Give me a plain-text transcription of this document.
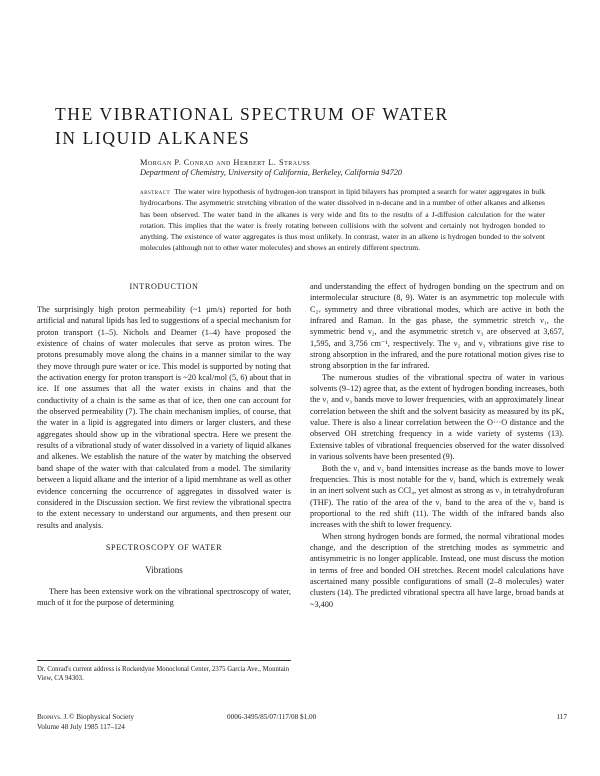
THE VIBRATIONAL SPECTRUM OF WATER
IN LIQUID ALKANES
Morgan P. Conrad and Herbert L. Strauss
Department of Chemistry, University of California, Berkeley, California 94720

abstract The water wire hypothesis of hydrogen-ion transport in lipid bilayers has prompted a search for water aggregates in bulk hydrocarbons. The asymmetric stretching vibration of the water dissolved in n-decane and in a number of other alkanes and alkenes has been observed. The water band in the alkanes is very wide and fits to the results of a J-diffusion calculation for the water rotation. This implies that the water is freely rotating between collisions with the solvent and certainly not hydrogen bonded to anything. The existence of water aggregates is thus most unlikely. In contrast, water in an alkene is hydrogen bonded to the solvent molecules (although not to other water molecules) and shows an entirely different spectrum.

INTRODUCTION

The surprisingly high proton permeability (~1 μm/s) reported for both artificial and natural lipids has led to suggestions of a special mechanism for proton transport (1–5). Nichols and Deamer (1–4) have proposed the existence of chains of water molecules that serve as proton wires. The protons presumably move along the chains in a manner similar to the way they move through pure water or ice. This model is supported by noting that the activation energy for proton transport is ~20 kcal/mol (5, 6) about that in ice. If one assumes that all the water exists in chains and that the conductivity of a chain is the same as that of ice, then one can account for the observed permeability (7). The chain mechanism implies, of course, that the water in a lipid is aggregated into dimers or larger clusters, and these aggregates should show up in the vibrational spectra. Here we present the results of a vibrational study of water dissolved in a variety of liquid alkanes and alkenes. We establish the nature of the water by matching the observed band shape of the water with that calculated from a model. The similarity between a liquid alkane and the interior of a lipid membrane as well as other evidence concerning the occurrence of aggregates in dissolved water is considered in the Discussion section. We first review the vibrational spectra to the extent necessary to understand our arguments, and then present our results and analysis.

SPECTROSCOPY OF WATER
Vibrations

There has been extensive work on the vibrational spectroscopy of water, much of it for the purpose of determining

and understanding the effect of hydrogen bonding on the spectrum and on intermolecular structure (8, 9). Water is an asymmetric top molecule with C₂ᵥ symmetry and three vibrational modes, which are active in both the infrared and Raman. In the gas phase, the symmetric stretch ν₁, the symmetric bend ν₂, and the asymmetric stretch ν₃ are observed at 3,657, 1,595, and 3,756 cm⁻¹, respectively. The ν₂ and ν₃ vibrations give rise to strong absorption in the infrared, and the pure rotational motion gives rise to strong absorption in the far infrared.

The numerous studies of the vibrational spectra of water in various solvents (9–12) agree that, as the extent of hydrogen bonding increases, both the ν₁ and ν₃ bands move to lower frequencies, with an approximately linear correlation between the shift and the solvent basicity as measured by its pKₐ value. There is also a linear correlation between the O···O distance and the observed OH stretching frequency in a wide variety of systems (13). Extensive tables of vibrational frequencies observed for the water dissolved in various solvents have been presented (9).

Both the ν₁ and ν₃ band intensities increase as the bands move to lower frequencies. This is most notable for the ν₁ band, which is extremely weak in an inert solvent such as CCl₄, yet almost as strong as ν₃ in tetrahydrofuran (THF). The ratio of the area of the ν₁ band to the area of the ν₃ band is proportional to the red shift (11). The width of the infrared bands also increases with the shift to lower frequency.

When strong hydrogen bonds are formed, the normal vibrational modes change, and the description of the stretching modes as symmetric and antisymmetric is no longer applicable. Instead, one must discuss the motion in terms of free and bonded OH stretches. Recent model calculations have ascertained many possible configurations of small (2–8 molecules) water clusters (14). The predicted vibrational spectra all have large, broad bands at ~3,400

Dr. Conrad's current address is Rocketdyne Monoclonal Center, 2375 Garcia Ave., Mountain View, CA 94303.
Biophys. J. © Biophysical Society	0006-3495/85/07/117/08 $1.00	117
Volume 48 July 1985 117–124
